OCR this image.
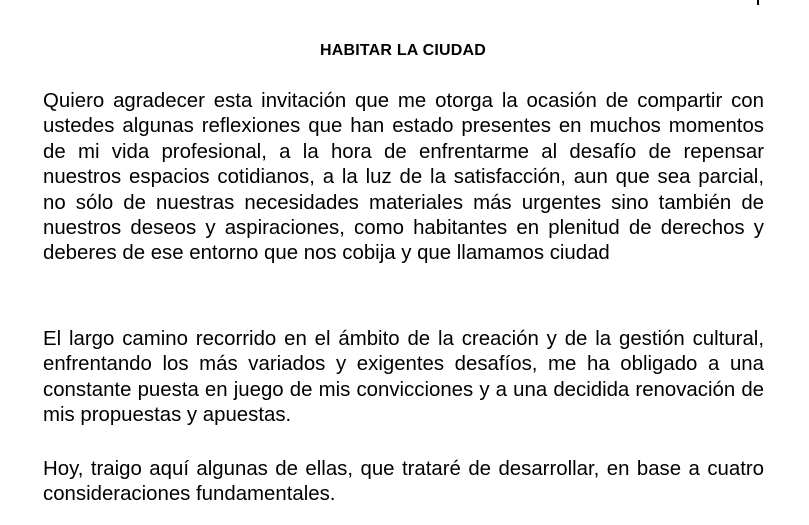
HABITAR LA CIUDAD

Quiero agradecer esta invitación que me otorga la ocasión de compartir con ustedes algunas reflexiones que han estado presentes en muchos momentos de mi vida profesional, a la hora de enfrentarme al desafío de repensar nuestros espacios cotidianos, a la luz de la satisfacción, aun que sea parcial, no sólo de nuestras necesidades materiales más urgentes sino también de nuestros deseos y aspiraciones, como habitantes en plenitud de derechos y deberes de ese entorno que nos cobija y que llamamos ciudad

El largo camino recorrido en el ámbito de la creación y de la gestión cultural, enfrentando los más variados y exigentes desafíos, me ha obligado a una constante puesta en juego de mis convicciones y a una decidida renovación de mis propuestas y apuestas.

Hoy, traigo aquí algunas de ellas, que trataré de desarrollar, en base a cuatro consideraciones fundamentales.
